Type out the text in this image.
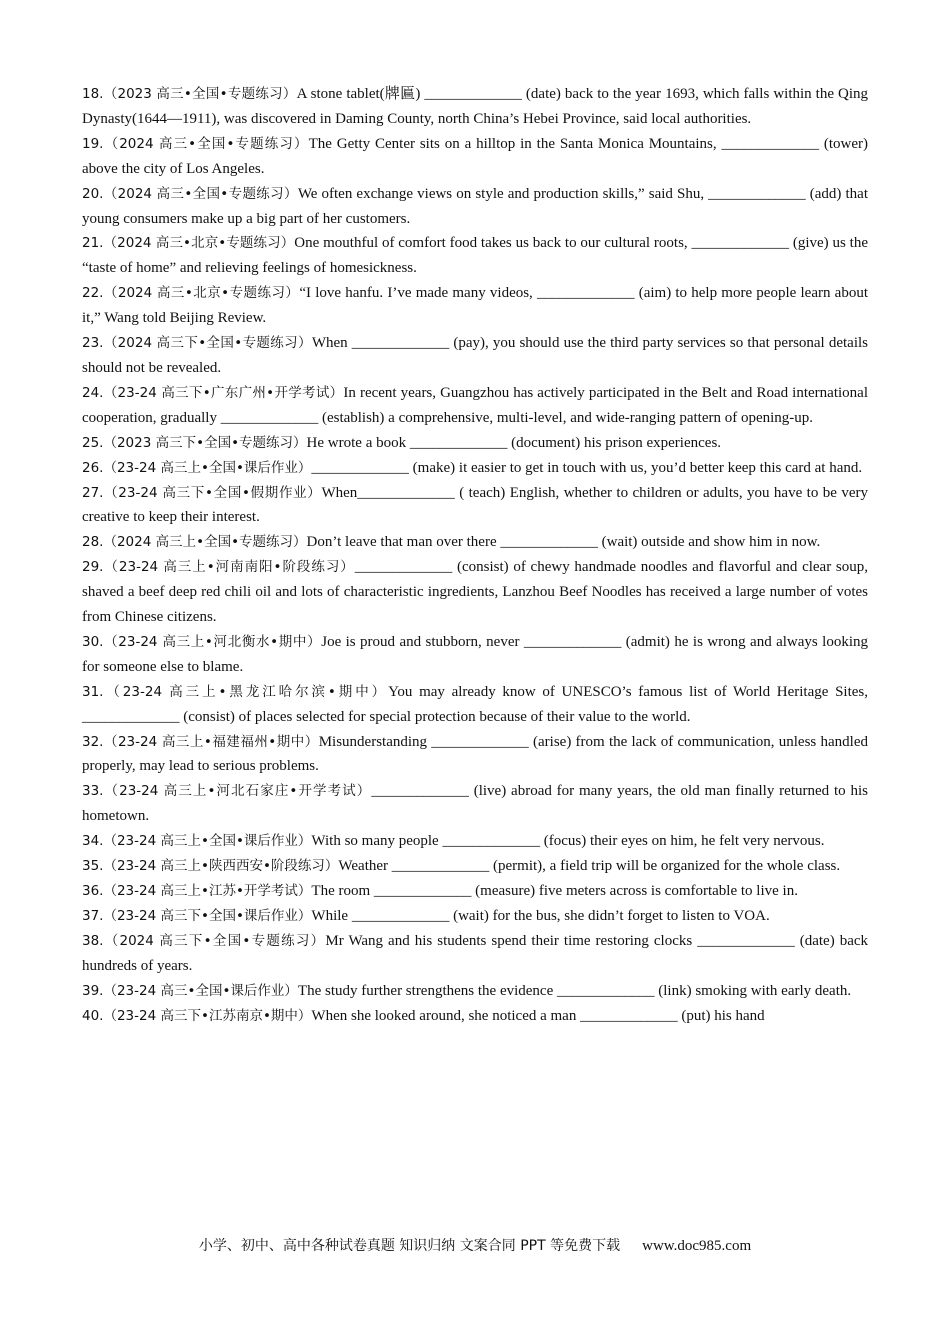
18.（2023 高三•全国•专题练习）A stone tablet(牌匾) _____________ (date) back to the year 1693, which falls within the Qing Dynasty(1644—1911), was discovered in Daming County, north China’s Hebei Province, said local authorities.

19.（2024 高三•全国•专题练习）The Getty Center sits on a hilltop in the Santa Monica Mountains, _____________ (tower) above the city of Los Angeles.

20.（2024 高三•全国•专题练习）We often exchange views on style and production skills,” said Shu, _____________ (add) that young consumers make up a big part of her customers.

21.（2024 高三•北京•专题练习）One mouthful of comfort food takes us back to our cultural roots, _____________ (give) us the “taste of home” and relieving feelings of homesickness.

22.（2024 高三•北京•专题练习）“I love hanfu. I’ve made many videos, _____________ (aim) to help more people learn about it,” Wang told Beijing Review.

23.（2024 高三下•全国•专题练习）When _____________ (pay), you should use the third party services so that personal details should not be revealed.

24.（23-24 高三下•广东广州•开学考试）In recent years, Guangzhou has actively participated in the Belt and Road international cooperation, gradually _____________ (establish) a comprehensive, multi-level, and wide-ranging pattern of opening-up.

25.（2023 高三下•全国•专题练习）He wrote a book _____________ (document) his prison experiences.

26.（23-24 高三上•全国•课后作业）_____________ (make) it easier to get in touch with us, you’d better keep this card at hand.

27.（23-24 高三下•全国•假期作业）When_____________ ( teach) English, whether to children or adults, you have to be very creative to keep their interest.

28.（2024 高三上•全国•专题练习）Don’t leave that man over there _____________ (wait) outside and show him in now.

29.（23-24 高三上•河南南阳•阶段练习）_____________ (consist) of chewy handmade noodles and flavorful and clear soup, shaved a beef deep red chili oil and lots of characteristic ingredients, Lanzhou Beef Noodles has received a large number of votes from Chinese citizens.

30.（23-24 高三上•河北衡水•期中）Joe is proud and stubborn, never _____________ (admit) he is wrong and always looking for someone else to blame.

31.（23-24 高三上•黑龙江哈尔滨•期中）You may already know of UNESCO’s famous list of World Heritage Sites, _____________ (consist) of places selected for special protection because of their value to the world.

32.（23-24 高三上•福建福州•期中）Misunderstanding _____________ (arise) from the lack of communication, unless handled properly, may lead to serious problems.

33.（23-24 高三上•河北石家庄•开学考试）_____________ (live) abroad for many years, the old man finally returned to his hometown.

34.（23-24 高三上•全国•课后作业）With so many people _____________ (focus) their eyes on him, he felt very nervous.

35.（23-24 高三上•陕西西安•阶段练习）Weather _____________ (permit), a field trip will be organized for the whole class.

36.（23-24 高三上•江苏•开学考试）The room _____________ (measure) five meters across is comfortable to live in.

37.（23-24 高三下•全国•课后作业）While _____________ (wait) for the bus, she didn’t forget to listen to VOA.

38.（2024 高三下•全国•专题练习）Mr Wang and his students spend their time restoring clocks _____________ (date) back hundreds of years.

39.（23-24 高三•全国•课后作业）The study further strengthens the evidence _____________ (link) smoking with early death.

40.（23-24 高三下•江苏南京•期中）When she looked around, she noticed a man _____________ (put) his hand

小学、初中、高中各种试卷真题 知识归纳 文案合同 PPT 等免费下载 www.doc985.com
